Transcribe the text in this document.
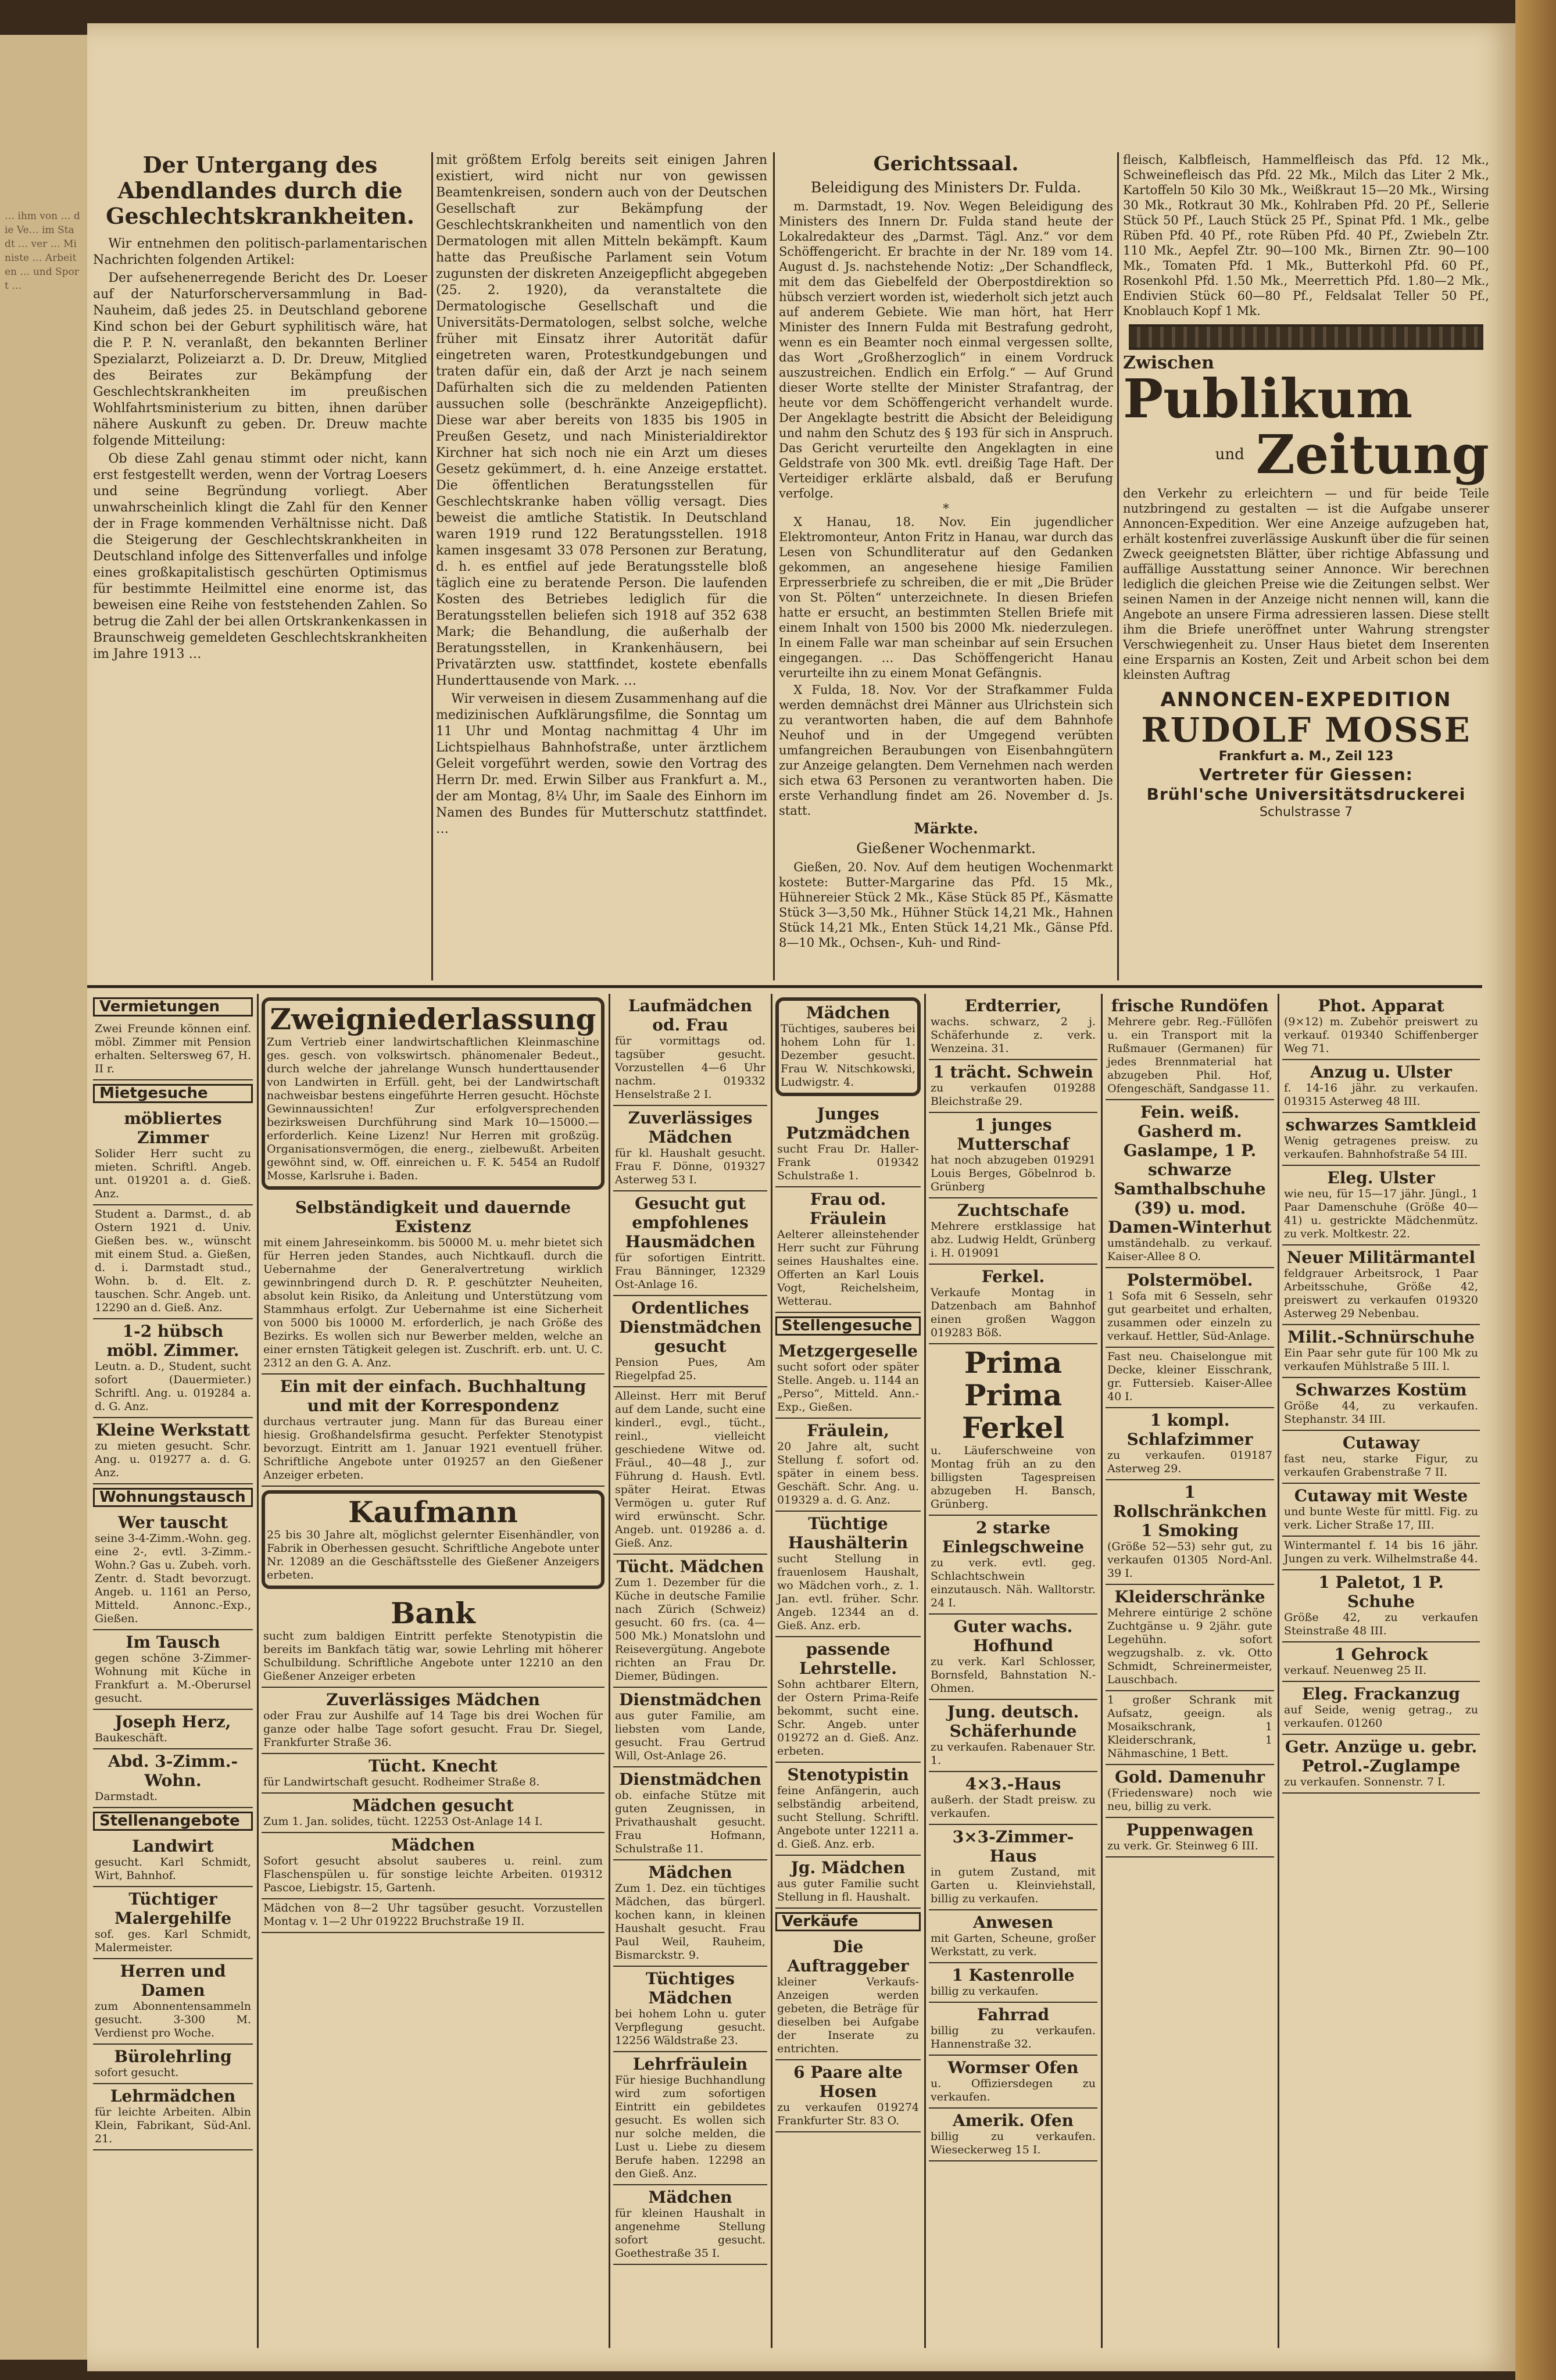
… ihm von … die Ve… im Stadt … ver … Ministe … Arbeiten … und Sport …
Der Untergang des Abendlandes durch die Geschlechtskrankheiten.

Wir entnehmen den politisch-parlamentarischen Nachrichten folgenden Artikel:

Der aufsehenerregende Bericht des Dr. Loeser auf der Naturforscherversammlung in Bad-Nauheim, daß jedes 25. in Deutschland geborene Kind schon bei der Geburt syphilitisch wäre, hat die P. P. N. veranlaßt, den bekannten Berliner Spezialarzt, Polizeiarzt a. D. Dr. Dreuw, Mitglied des Beirates zur Bekämpfung der Geschlechtskrankheiten im preußischen Wohlfahrtsministerium zu bitten, ihnen darüber nähere Auskunft zu geben. Dr. Dreuw machte folgende Mitteilung:

Ob diese Zahl genau stimmt oder nicht, kann erst festgestellt werden, wenn der Vortrag Loesers und seine Begründung vorliegt. Aber unwahrscheinlich klingt die Zahl für den Kenner der in Frage kommenden Verhältnisse nicht. Daß die Steigerung der Geschlechtskrankheiten in Deutschland infolge des Sittenverfalles und infolge eines großkapitalistisch geschürten Optimismus für bestimmte Heilmittel eine enorme ist, das beweisen eine Reihe von feststehenden Zahlen. So betrug die Zahl der bei allen Ortskrankenkassen in Braunschweig gemeldeten Geschlechtskrankheiten im Jahre 1913 …

mit größtem Erfolg bereits seit einigen Jahren existiert, wird nicht nur von gewissen Beamtenkreisen, sondern auch von der Deutschen Gesellschaft zur Bekämpfung der Geschlechtskrankheiten und namentlich von den Dermatologen mit allen Mitteln bekämpft. Kaum hatte das Preußische Parlament sein Votum zugunsten der diskreten Anzeigepflicht abgegeben (25. 2. 1920), da veranstaltete die Dermatologische Gesellschaft und die Universitäts-Dermatologen, selbst solche, welche früher mit Einsatz ihrer Autorität dafür eingetreten waren, Protestkundgebungen und traten dafür ein, daß der Arzt je nach seinem Dafürhalten sich die zu meldenden Patienten aussuchen solle (beschränkte Anzeigepflicht). Diese war aber bereits von 1835 bis 1905 in Preußen Gesetz, und nach Ministerialdirektor Kirchner hat sich noch nie ein Arzt um dieses Gesetz gekümmert, d. h. eine Anzeige erstattet. Die öffentlichen Beratungsstellen für Geschlechtskranke haben völlig versagt. Dies beweist die amtliche Statistik. In Deutschland waren 1919 rund 122 Beratungsstellen. 1918 kamen insgesamt 33 078 Personen zur Beratung, d. h. es entfiel auf jede Beratungsstelle bloß täglich eine zu beratende Person. Die laufenden Kosten des Betriebes lediglich für die Beratungsstellen beliefen sich 1918 auf 352 638 Mark; die Behandlung, die außerhalb der Beratungsstellen, in Krankenhäusern, bei Privatärzten usw. stattfindet, kostete ebenfalls Hunderttausende von Mark. …

Wir verweisen in diesem Zusammenhang auf die medizinischen Aufklärungsfilme, die Sonntag um 11 Uhr und Montag nachmittag 4 Uhr im Lichtspielhaus Bahnhofstraße, unter ärztlichem Geleit vorgeführt werden, sowie den Vortrag des Herrn Dr. med. Erwin Silber aus Frankfurt a. M., der am Montag, 8¼ Uhr, im Saale des Einhorn im Namen des Bundes für Mutterschutz stattfindet. …

Gerichtssaal.
Beleidigung des Ministers Dr. Fulda.

m. Darmstadt, 19. Nov. Wegen Beleidigung des Ministers des Innern Dr. Fulda stand heute der Lokalredakteur des „Darmst. Tägl. Anz.“ vor dem Schöffengericht. Er brachte in der Nr. 189 vom 14. August d. Js. nachstehende Notiz: „Der Schandfleck, mit dem das Giebelfeld der Oberpostdirektion so hübsch verziert worden ist, wiederholt sich jetzt auch auf anderem Gebiete. Wie man hört, hat Herr Minister des Innern Fulda mit Bestrafung gedroht, wenn es ein Beamter noch einmal vergessen sollte, das Wort „Großherzoglich“ in einem Vordruck auszustreichen. Endlich ein Erfolg.“ — Auf Grund dieser Worte stellte der Minister Strafantrag, der heute vor dem Schöffengericht verhandelt wurde. Der Angeklagte bestritt die Absicht der Beleidigung und nahm den Schutz des § 193 für sich in Anspruch. Das Gericht verurteilte den Angeklagten in eine Geldstrafe von 300 Mk. evtl. dreißig Tage Haft. Der Verteidiger erklärte alsbald, daß er Berufung verfolge.

*

X Hanau, 18. Nov. Ein jugendlicher Elektromonteur, Anton Fritz in Hanau, war durch das Lesen von Schundliteratur auf den Gedanken gekommen, an angesehene hiesige Familien Erpresserbriefe zu schreiben, die er mit „Die Brüder von St. Pölten“ unterzeichnete. In diesen Briefen hatte er ersucht, an bestimmten Stellen Briefe mit einem Inhalt von 1500 bis 2000 Mk. niederzulegen. In einem Falle war man scheinbar auf sein Ersuchen eingegangen. … Das Schöffengericht Hanau verurteilte ihn zu einem Monat Gefängnis.

X Fulda, 18. Nov. Vor der Strafkammer Fulda werden demnächst drei Männer aus Ulrichstein sich zu verantworten haben, die auf dem Bahnhofe Neuhof und in der Umgegend verübten umfangreichen Beraubungen von Eisenbahngütern zur Anzeige gelangten. Dem Vernehmen nach werden sich etwa 63 Personen zu verantworten haben. Die erste Verhandlung findet am 26. November d. Js. statt.

Märkte.
Gießener Wochenmarkt.

Gießen, 20. Nov. Auf dem heutigen Wochenmarkt kostete: Butter-Margarine das Pfd. 15 Mk., Hühnereier Stück 2 Mk., Käse Stück 85 Pf., Käsmatte Stück 3—3,50 Mk., Hühner Stück 14,21 Mk., Hahnen Stück 14,21 Mk., Enten Stück 14,21 Mk., Gänse Pfd. 8—10 Mk., Ochsen-, Kuh- und Rind-

fleisch, Kalbfleisch, Hammelfleisch das Pfd. 12 Mk., Schweinefleisch das Pfd. 22 Mk., Milch das Liter 2 Mk., Kartoffeln 50 Kilo 30 Mk., Weißkraut 15—20 Mk., Wirsing 30 Mk., Rotkraut 30 Mk., Kohlraben Pfd. 20 Pf., Sellerie Stück 50 Pf., Lauch Stück 25 Pf., Spinat Pfd. 1 Mk., gelbe Rüben Pfd. 40 Pf., rote Rüben Pfd. 40 Pf., Zwiebeln Ztr. 110 Mk., Aepfel Ztr. 90—100 Mk., Birnen Ztr. 90—100 Mk., Tomaten Pfd. 1 Mk., Butterkohl Pfd. 60 Pf., Rosenkohl Pfd. 1.50 Mk., Meerrettich Pfd. 1.80—2 Mk., Endivien Stück 60—80 Pf., Feldsalat Teller 50 Pf., Knoblauch Kopf 1 Mk.

Zwischen
Publikum
und Zeitung
den Verkehr zu erleichtern — und für beide Teile nutzbringend zu gestalten — ist die Aufgabe unserer Annoncen-Expedition. Wer eine Anzeige aufzugeben hat, erhält kostenfrei zuverlässige Auskunft über die für seinen Zweck geeignetsten Blätter, über richtige Abfassung und auffällige Ausstattung seiner Annonce. Wir berechnen lediglich die gleichen Preise wie die Zeitungen selbst. Wer seinen Namen in der Anzeige nicht nennen will, kann die Angebote an unsere Firma adressieren lassen. Diese stellt ihm die Briefe uneröffnet unter Wahrung strengster Verschwiegenheit zu. Unser Haus bietet dem Inserenten eine Ersparnis an Kosten, Zeit und Arbeit schon bei dem kleinsten Auftrag
ANNONCEN-EXPEDITION
RUDOLF MOSSE
Frankfurt a. M., Zeil 123
Vertreter für Giessen:
Brühl'sche Universitätsdruckerei
Schulstrasse 7
Vermietungen
Zwei Freunde können einf. möbl. Zimmer mit Pension erhalten. Seltersweg 67, H. II r.
Mietgesuche
möbliertes Zimmer
Solider Herr sucht zu mieten. Schriftl. Angeb. unt. 019201 a. d. Gieß. Anz.
Student a. Darmst., d. ab Ostern 1921 d. Univ. Gießen bes. w., wünscht mit einem Stud. a. Gießen, d. i. Darmstadt stud., Wohn. b. d. Elt. z. tauschen. Schr. Angeb. unt. 12290 an d. Gieß. Anz.
1-2 hübsch möbl. Zimmer.
Leutn. a. D., Student, sucht sofort (Dauermieter.) Schriftl. Ang. u. 019284 a. d. G. Anz.
Kleine Werkstatt
zu mieten gesucht. Schr. Ang. u. 019277 a. d. G. Anz.
Wohnungstausch
Wer tauscht
seine 3-4-Zimm.-Wohn. geg. eine 2-, evtl. 3-Zimm.-Wohn.? Gas u. Zubeh. vorh. Zentr. d. Stadt bevorzugt. Angeb. u. 1161 an Perso, Mitteld. Annonc.-Exp., Gießen.
Im Tausch
gegen schöne 3-Zimmer-Wohnung mit Küche in Frankfurt a. M.-Oberursel gesucht.
Joseph Herz,
Baukeschäft.
Abd. 3-Zimm.-Wohn.
Darmstadt.
Stellenangebote
Landwirt
gesucht. Karl Schmidt, Wirt, Bahnhof.
Tüchtiger Malergehilfe
sof. ges. Karl Schmidt, Malermeister.
Herren und Damen
zum Abonnentensammeln gesucht. 3-300 M. Verdienst pro Woche.
Bürolehrling
sofort gesucht.
Lehrmädchen
für leichte Arbeiten. Albin Klein, Fabrikant, Süd-Anl. 21.
Zweigniederlassung
Zum Vertrieb einer landwirtschaftlichen Kleinmaschine ges. gesch. von volkswirtsch. phänomenaler Bedeut., durch welche der jahrelange Wunsch hunderttausender von Landwirten in Erfüll. geht, bei der Landwirtschaft nachweisbar bestens eingeführte Herren gesucht. Höchste Gewinnaussichten! Zur erfolgversprechenden bezirksweisen Durchführung sind Mark 10—15000.— erforderlich. Keine Lizenz! Nur Herren mit großzüg. Organisationsvermögen, die energ., zielbewußt. Arbeiten gewöhnt sind, w. Off. einreichen u. F. K. 5454 an Rudolf Mosse, Karlsruhe i. Baden.
Selbständigkeit und dauernde Existenz
mit einem Jahreseinkomm. bis 50000 M. u. mehr bietet sich für Herren jeden Standes, auch Nichtkaufl. durch die Uebernahme der Generalvertretung wirklich gewinnbringend durch D. R. P. geschützter Neuheiten, absolut kein Risiko, da Anleitung und Unterstützung vom Stammhaus erfolgt. Zur Uebernahme ist eine Sicherheit von 5000 bis 10000 M. erforderlich, je nach Größe des Bezirks. Es wollen sich nur Bewerber melden, welche an einer ernsten Tätigkeit gelegen ist. Zuschrift. erb. unt. U. C. 2312 an den G. A. Anz.
Ein mit der einfach. Buchhaltung und mit der Korrespondenz
durchaus vertrauter jung. Mann für das Bureau einer hiesig. Großhandelsfirma gesucht. Perfekter Stenotypist bevorzugt. Eintritt am 1. Januar 1921 eventuell früher. Schriftliche Angebote unter 019257 an den Gießener Anzeiger erbeten.
Kaufmann
25 bis 30 Jahre alt, möglichst gelernter Eisenhändler, von Fabrik in Oberhessen gesucht. Schriftliche Angebote unter Nr. 12089 an die Geschäftsstelle des Gießener Anzeigers erbeten.
Bank
sucht zum baldigen Eintritt perfekte Stenotypistin die bereits im Bankfach tätig war, sowie Lehrling mit höherer Schulbildung. Schriftliche Angebote unter 12210 an den Gießener Anzeiger erbeten
Zuverlässiges Mädchen
oder Frau zur Aushilfe auf 14 Tage bis drei Wochen für ganze oder halbe Tage sofort gesucht. Frau Dr. Siegel, Frankfurter Straße 36.
Tücht. Knecht
für Landwirtschaft gesucht. Rodheimer Straße 8.
Mädchen gesucht
Zum 1. Jan. solides, tücht. 12253 Ost-Anlage 14 I.
Mädchen
Sofort gesucht absolut sauberes u. reinl. zum Flaschenspülen u. für sonstige leichte Arbeiten. 019312 Pascoe, Liebigstr. 15, Gartenh.
Mädchen von 8—2 Uhr tagsüber gesucht. Vorzustellen Montag v. 1—2 Uhr 019222 Bruchstraße 19 II.
Laufmädchen od. Frau
für vormittags od. tagsüber gesucht. Vorzustellen 4—6 Uhr nachm. 019332 Henselstraße 2 I.
Zuverlässiges Mädchen
für kl. Haushalt gesucht. Frau F. Dönne, 019327 Asterweg 53 I.
Gesucht gut empfohlenes Hausmädchen
für sofortigen Eintritt. Frau Bänninger, 12329 Ost-Anlage 16.
Ordentliches Dienstmädchen gesucht
Pension Pues, Am Riegelpfad 25.
Alleinst. Herr mit Beruf auf dem Lande, sucht eine kinderl., evgl., tücht., reinl., vielleicht geschiedene Witwe od. Fräul., 40—48 J., zur Führung d. Haush. Evtl. später Heirat. Etwas Vermögen u. guter Ruf wird erwünscht. Schr. Angeb. unt. 019286 a. d. Gieß. Anz.
Tücht. Mädchen
Zum 1. Dezember für die Küche in deutsche Familie nach Zürich (Schweiz) gesucht. 60 frs. (ca. 4—500 Mk.) Monatslohn und Reisevergütung. Angebote richten an Frau Dr. Diemer, Büdingen.
Dienstmädchen
aus guter Familie, am liebsten vom Lande, gesucht. Frau Gertrud Will, Ost-Anlage 26.
Dienstmädchen
ob. einfache Stütze mit guten Zeugnissen, in Privathaushalt gesucht. Frau Hofmann, Schulstraße 11.
Mädchen
Zum 1. Dez. ein tüchtiges Mädchen, das bürgerl. kochen kann, in kleinen Haushalt gesucht. Frau Paul Weil, Rauheim, Bismarckstr. 9.
Tüchtiges Mädchen
bei hohem Lohn u. guter Verpflegung gesucht. 12256 Wäldstraße 23.
Lehrfräulein
Für hiesige Buchhandlung wird zum sofortigen Eintritt ein gebildetes gesucht. Es wollen sich nur solche melden, die Lust u. Liebe zu diesem Berufe haben. 12298 an den Gieß. Anz.
Mädchen
für kleinen Haushalt in angenehme Stellung sofort gesucht. Goethestraße 35 I.
Mädchen
Tüchtiges, sauberes bei hohem Lohn für 1. Dezember gesucht. Frau W. Nitschkowski, Ludwigstr. 4.
Junges Putzmädchen
sucht Frau Dr. Haller-Frank 019342 Schulstraße 1.
Frau od. Fräulein
Aelterer alleinstehender Herr sucht zur Führung seines Haushaltes eine. Offerten an Karl Louis Vogt, Reichelsheim, Wetterau.
Stellengesuche
Metzgergeselle
sucht sofort oder später Stelle. Angeb. u. 1144 an „Perso“, Mitteld. Ann.-Exp., Gießen.
Fräulein,
20 Jahre alt, sucht Stellung f. sofort od. später in einem bess. Geschäft. Schr. Ang. u. 019329 a. d. G. Anz.
Tüchtige Haushälterin
sucht Stellung in frauenlosem Haushalt, wo Mädchen vorh., z. 1. Jan. evtl. früher. Schr. Angeb. 12344 an d. Gieß. Anz. erb.
passende Lehrstelle.
Sohn achtbarer Eltern, der Ostern Prima-Reife bekommt, sucht eine. Schr. Angeb. unter 019272 an d. Gieß. Anz. erbeten.
Stenotypistin
feine Anfängerin, auch selbständig arbeitend, sucht Stellung. Schriftl. Angebote unter 12211 a. d. Gieß. Anz. erb.
Jg. Mädchen
aus guter Familie sucht Stellung in fl. Haushalt.
Verkäufe
Die Auftraggeber
kleiner Verkaufs-Anzeigen werden gebeten, die Beträge für dieselben bei Aufgabe der Inserate zu entrichten.
6 Paare alte Hosen
zu verkaufen 019274 Frankfurter Str. 83 O.
Erdterrier,
wachs. schwarz, 2 j. Schäferhunde z. verk. Wenzeina. 31.
1 trächt. Schwein
zu verkaufen 019288 Bleichstraße 29.
1 junges Mutterschaf
hat noch abzugeben 019291 Louis Berges, Göbelnrod b. Grünberg
Zuchtschafe
Mehrere erstklassige hat abz. Ludwig Heldt, Grünberg i. H. 019091
Ferkel.
Verkaufe Montag in Datzenbach am Bahnhof einen großen Waggon 019283 Böß.
Prima Prima Ferkel
u. Läuferschweine von Montag früh an zu den billigsten Tagespreisen abzugeben H. Bansch, Grünberg.
2 starke Einlegschweine
zu verk. evtl. geg. Schlachtschwein einzutausch. Näh. Walltorstr. 24 I.
Guter wachs. Hofhund
zu verk. Karl Schlosser, Bornsfeld, Bahnstation N.-Ohmen.
Jung. deutsch. Schäferhunde
zu verkaufen. Rabenauer Str. 1.
4×3.-Haus
außerh. der Stadt preisw. zu verkaufen.
3×3-Zimmer-Haus
in gutem Zustand, mit Garten u. Kleinviehstall, billig zu verkaufen.
Anwesen
mit Garten, Scheune, großer Werkstatt, zu verk.
1 Kastenrolle
billig zu verkaufen.
Fahrrad
billig zu verkaufen. Hannenstraße 32.
Wormser Ofen
u. Offiziersdegen zu verkaufen.
Amerik. Ofen
billig zu verkaufen. Wieseckerweg 15 I.
frische Rundöfen
Mehrere gebr. Reg.-Füllöfen u. ein Transport mit la Rußmauer (Germanen) für jedes Brennmaterial hat abzugeben Phil. Hof, Ofengeschäft, Sandgasse 11.
Fein. weiß. Gasherd m. Gaslampe, 1 P. schwarze Samthalbschuhe (39) u. mod. Damen-Winterhut
umständehalb. zu verkauf. Kaiser-Allee 8 O.
Polstermöbel.
1 Sofa mit 6 Sesseln, sehr gut gearbeitet und erhalten, zusammen oder einzeln zu verkauf. Hettler, Süd-Anlage.
Fast neu. Chaiselongue mit Decke, kleiner Eisschrank, gr. Futtersieb. Kaiser-Allee 40 I.
1 kompl. Schlafzimmer
zu verkaufen. 019187 Asterweg 29.
1 Rollschränkchen 1 Smoking
(Größe 52—53) sehr gut, zu verkaufen 01305 Nord-Anl. 39 I.
Kleiderschränke
Mehrere eintürige 2 schöne Zuchtgänse u. 9 2jähr. gute Legehühn. sofort wegzugshalb. z. vk. Otto Schmidt, Schreinermeister, Lauschbach.
1 großer Schrank mit Aufsatz, geeign. als Mosaikschrank, 1 Kleiderschrank, 1 Nähmaschine, 1 Bett.
Gold. Damenuhr
(Friedensware) noch wie neu, billig zu verk.
Puppenwagen
zu verk. Gr. Steinweg 6 III.
Phot. Apparat
(9×12) m. Zubehör preiswert zu verkauf. 019340 Schiffenberger Weg 71.
Anzug u. Ulster
f. 14-16 jähr. zu verkaufen. 019315 Asterweg 48 III.
schwarzes Samtkleid
Wenig getragenes preisw. zu verkaufen. Bahnhofstraße 54 III.
Eleg. Ulster
wie neu, für 15—17 jähr. Jüngl., 1 Paar Damenschuhe (Größe 40—41) u. gestrickte Mädchenmütz. zu verk. Moltkestr. 22.
Neuer Militärmantel
feldgrauer Arbeitsrock, 1 Paar Arbeitsschuhe, Größe 42, preiswert zu verkaufen 019320 Asterweg 29 Nebenbau.
Milit.-Schnürschuhe
Ein Paar sehr gute für 100 Mk zu verkaufen Mühlstraße 5 III. l.
Schwarzes Kostüm
Größe 44, zu verkaufen. Stephanstr. 34 III.
Cutaway
fast neu, starke Figur, zu verkaufen Grabenstraße 7 II.
Cutaway mit Weste
und bunte Weste für mittl. Fig. zu verk. Licher Straße 17, III.
Wintermantel f. 14 bis 16 jähr. Jungen zu verk. Wilhelmstraße 44.
1 Paletot, 1 P. Schuhe
Größe 42, zu verkaufen Steinstraße 48 III.
1 Gehrock
verkauf. Neuenweg 25 II.
Eleg. Frackanzug
auf Seide, wenig getrag., zu verkaufen. 01260
Getr. Anzüge u. gebr. Petrol.-Zuglampe
zu verkaufen. Sonnenstr. 7 I.
